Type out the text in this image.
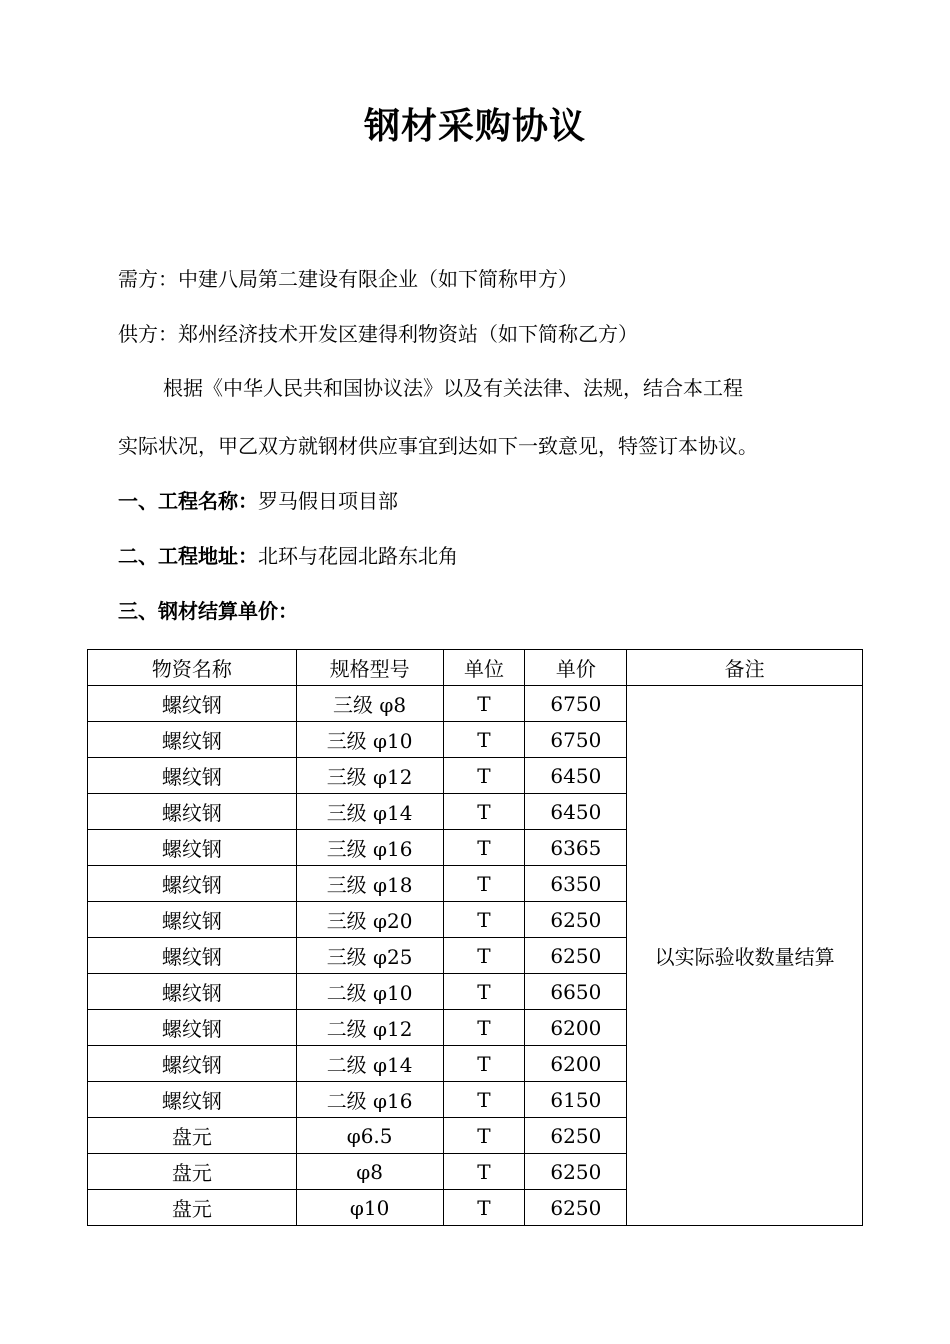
钢材采购协议
需方：中建八局第二建设有限企业（如下简称甲方）
供方：郑州经济技术开发区建得利物资站（如下简称乙方）
根据《中华人民共和国协议法》以及有关法律、法规，结合本工程
实际状况，甲乙双方就钢材供应事宜到达如下一致意见，特签订本协议。
一、工程名称：罗马假日项目部
二、工程地址：北环与花园北路东北角
三、钢材结算单价：
物资名称	规格型号	单位	单价	备注
螺纹钢	三级 φ8	T	6750	以实际验收数量结算
螺纹钢	三级 φ10	T	6750	
螺纹钢	三级 φ12	T	6450	
螺纹钢	三级 φ14	T	6450	
螺纹钢	三级 φ16	T	6365	
螺纹钢	三级 φ18	T	6350	
螺纹钢	三级 φ20	T	6250	
螺纹钢	三级 φ25	T	6250	
螺纹钢	二级 φ10	T	6650	
螺纹钢	二级 φ12	T	6200	
螺纹钢	二级 φ14	T	6200	
螺纹钢	二级 φ16	T	6150	
盘元	φ6.5	T	6250	
盘元	φ8	T	6250	
盘元	φ10	T	6250	
